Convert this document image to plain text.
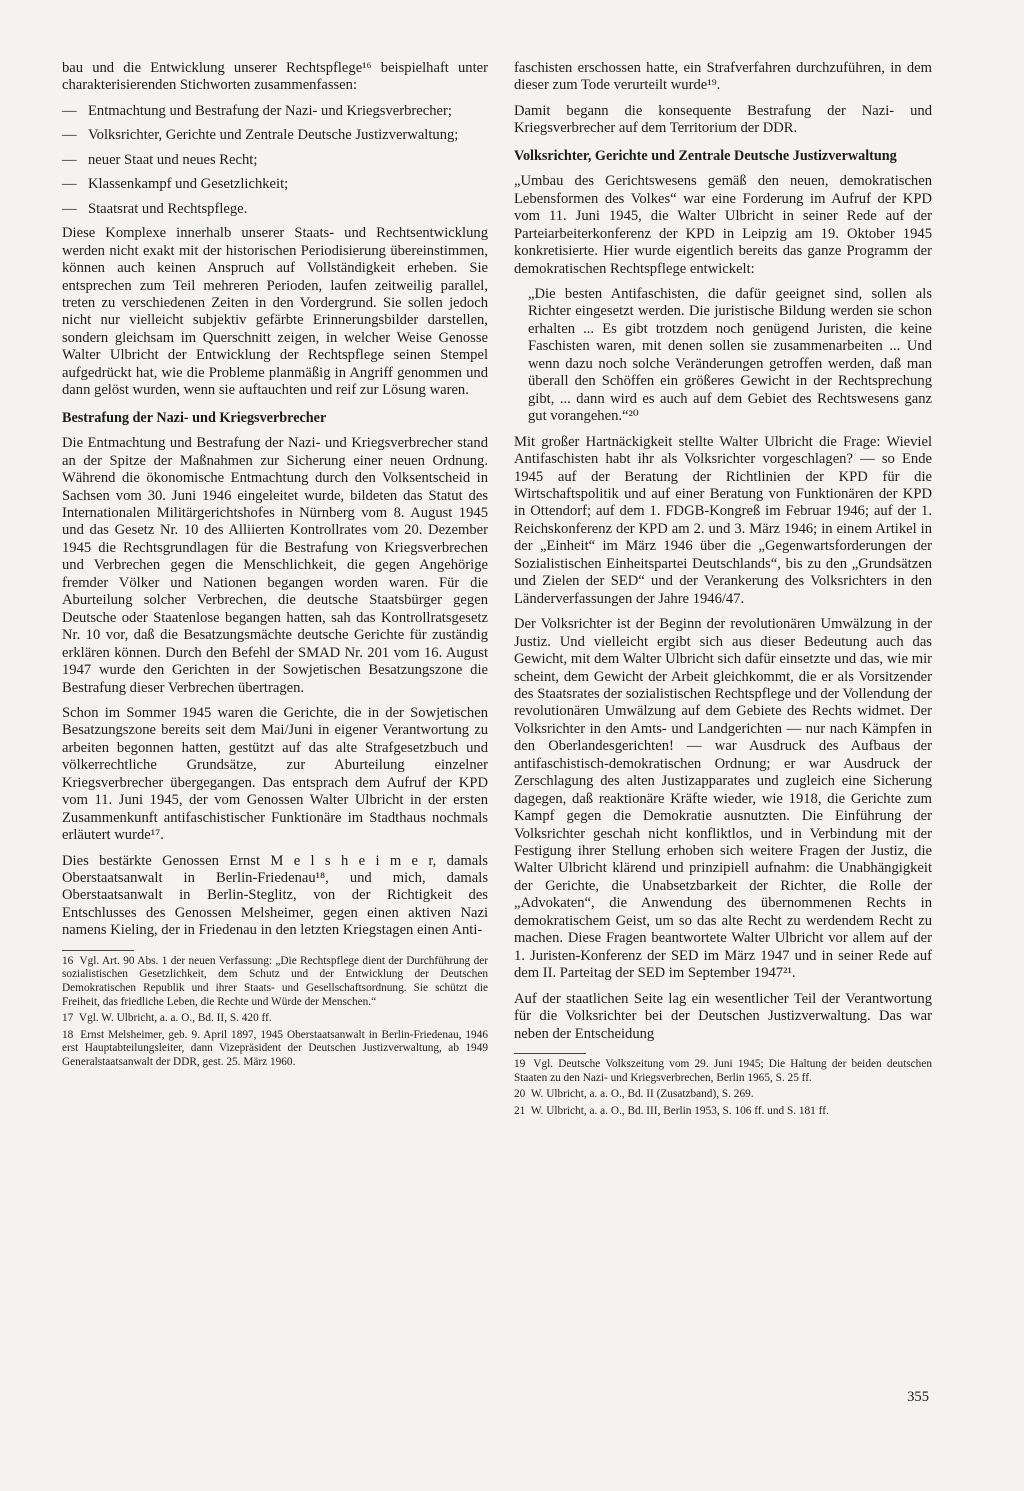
bau und die Entwicklung unserer Rechtspflege¹⁶ beispielhaft unter charakterisierenden Stichworten zusammenfassen:

— Entmachtung und Bestrafung der Nazi- und Kriegsverbrecher;
— Volksrichter, Gerichte und Zentrale Deutsche Justizverwaltung;
— neuer Staat und neues Recht;
— Klassenkampf und Gesetzlichkeit;
— Staatsrat und Rechtspflege.

Diese Komplexe innerhalb unserer Staats- und Rechtsentwicklung werden nicht exakt mit der historischen Periodisierung übereinstimmen, können auch keinen Anspruch auf Vollständigkeit erheben. Sie entsprechen zum Teil mehreren Perioden, laufen zeitweilig parallel, treten zu verschiedenen Zeiten in den Vordergrund. Sie sollen jedoch nicht nur vielleicht subjektiv gefärbte Erinnerungsbilder darstellen, sondern gleichsam im Querschnitt zeigen, in welcher Weise Genosse Walter Ulbricht der Entwicklung der Rechtspflege seinen Stempel aufgedrückt hat, wie die Probleme planmäßig in Angriff genommen und dann gelöst wurden, wenn sie auftauchten und reif zur Lösung waren.

Bestrafung der Nazi- und Kriegsverbrecher

Die Entmachtung und Bestrafung der Nazi- und Kriegsverbrecher stand an der Spitze der Maßnahmen zur Sicherung einer neuen Ordnung. Während die ökonomische Entmachtung durch den Volksentscheid in Sachsen vom 30. Juni 1946 eingeleitet wurde, bildeten das Statut des Internationalen Militärgerichtshofes in Nürnberg vom 8. August 1945 und das Gesetz Nr. 10 des Alliierten Kontrollrates vom 20. Dezember 1945 die Rechtsgrundlagen für die Bestrafung von Kriegsverbrechen und Verbrechen gegen die Menschlichkeit, die gegen Angehörige fremder Völker und Nationen begangen worden waren. Für die Aburteilung solcher Verbrechen, die deutsche Staatsbürger gegen Deutsche oder Staatenlose begangen hatten, sah das Kontrollratsgesetz Nr. 10 vor, daß die Besatzungsmächte deutsche Gerichte für zuständig erklären können. Durch den Befehl der SMAD Nr. 201 vom 16. August 1947 wurde den Gerichten in der Sowjetischen Besatzungszone die Bestrafung dieser Verbrechen übertragen.

Schon im Sommer 1945 waren die Gerichte, die in der Sowjetischen Besatzungszone bereits seit dem Mai/Juni in eigener Verantwortung zu arbeiten begonnen hatten, gestützt auf das alte Strafgesetzbuch und völkerrechtliche Grundsätze, zur Aburteilung einzelner Kriegsverbrecher übergegangen. Das entsprach dem Aufruf der KPD vom 11. Juni 1945, der vom Genossen Walter Ulbricht in der ersten Zusammenkunft antifaschistischer Funktionäre im Stadthaus nochmals erläutert wurde¹⁷.

Dies bestärkte Genossen Ernst M e l s h e i m e r, damals Oberstaatsanwalt in Berlin-Friedenau¹⁸, und mich, damals Oberstaatsanwalt in Berlin-Steglitz, von der Richtigkeit des Entschlusses des Genossen Melsheimer, gegen einen aktiven Nazi namens Kieling, der in Friedenau in den letzten Kriegstagen einen Anti-

16 Vgl. Art. 90 Abs. 1 der neuen Verfassung: „Die Rechtspflege dient der Durchführung der sozialistischen Gesetzlichkeit, dem Schutz und der Entwicklung der Deutschen Demokratischen Republik und ihrer Staats- und Gesellschaftsordnung. Sie schützt die Freiheit, das friedliche Leben, die Rechte und Würde der Menschen.“
17 Vgl. W. Ulbricht, a. a. O., Bd. II, S. 420 ff.
18 Ernst Melsheimer, geb. 9. April 1897, 1945 Oberstaatsanwalt in Berlin-Friedenau, 1946 erst Hauptabteilungsleiter, dann Vizepräsident der Deutschen Justizverwaltung, ab 1949 Generalstaatsanwalt der DDR, gest. 25. März 1960.

faschisten erschossen hatte, ein Strafverfahren durchzuführen, in dem dieser zum Tode verurteilt wurde¹⁹.

Damit begann die konsequente Bestrafung der Nazi- und Kriegsverbrecher auf dem Territorium der DDR.

Volksrichter, Gerichte und Zentrale Deutsche Justizverwaltung

„Umbau des Gerichtswesens gemäß den neuen, demokratischen Lebensformen des Volkes“ war eine Forderung im Aufruf der KPD vom 11. Juni 1945, die Walter Ulbricht in seiner Rede auf der Parteiarbeiterkonferenz der KPD in Leipzig am 19. Oktober 1945 konkretisierte. Hier wurde eigentlich bereits das ganze Programm der demokratischen Rechtspflege entwickelt:

„Die besten Antifaschisten, die dafür geeignet sind, sollen als Richter eingesetzt werden. Die juristische Bildung werden sie schon erhalten ... Es gibt trotzdem noch genügend Juristen, die keine Faschisten waren, mit denen sollen sie zusammenarbeiten ... Und wenn dazu noch solche Veränderungen getroffen werden, daß man überall den Schöffen ein größeres Gewicht in der Rechtsprechung gibt, ... dann wird es auch auf dem Gebiet des Rechtswesens ganz gut vorangehen.“²⁰

Mit großer Hartnäckigkeit stellte Walter Ulbricht die Frage: Wieviel Antifaschisten habt ihr als Volksrichter vorgeschlagen? — so Ende 1945 auf der Beratung der Richtlinien der KPD für die Wirtschaftspolitik und auf einer Beratung von Funktionären der KPD in Ottendorf; auf dem 1. FDGB-Kongreß im Februar 1946; auf der 1. Reichskonferenz der KPD am 2. und 3. März 1946; in einem Artikel in der „Einheit“ im März 1946 über die „Gegenwartsforderungen der Sozialistischen Einheitspartei Deutschlands“, bis zu den „Grundsätzen und Zielen der SED“ und der Verankerung des Volksrichters in den Länderverfassungen der Jahre 1946/47.

Der Volksrichter ist der Beginn der revolutionären Umwälzung in der Justiz. Und vielleicht ergibt sich aus dieser Bedeutung auch das Gewicht, mit dem Walter Ulbricht sich dafür einsetzte und das, wie mir scheint, dem Gewicht der Arbeit gleichkommt, die er als Vorsitzender des Staatsrates der sozialistischen Rechtspflege und der Vollendung der revolutionären Umwälzung auf dem Gebiete des Rechts widmet. Der Volksrichter in den Amts- und Landgerichten — nur nach Kämpfen in den Oberlandesgerichten! — war Ausdruck des Aufbaus der antifaschistisch-demokratischen Ordnung; er war Ausdruck der Zerschlagung des alten Justizapparates und zugleich eine Sicherung dagegen, daß reaktionäre Kräfte wieder, wie 1918, die Gerichte zum Kampf gegen die Demokratie ausnutzten. Die Einführung der Volksrichter geschah nicht konfliktlos, und in Verbindung mit der Festigung ihrer Stellung erhoben sich weitere Fragen der Justiz, die Walter Ulbricht klärend und prinzipiell aufnahm: die Unabhängigkeit der Gerichte, die Unabsetzbarkeit der Richter, die Rolle der „Advokaten“, die Anwendung des übernommenen Rechts in demokratischem Geist, um so das alte Recht zu werdendem Recht zu machen. Diese Fragen beantwortete Walter Ulbricht vor allem auf der 1. Juristen-Konferenz der SED im März 1947 und in seiner Rede auf dem II. Parteitag der SED im September 1947²¹.

Auf der staatlichen Seite lag ein wesentlicher Teil der Verantwortung für die Volksrichter bei der Deutschen Justizverwaltung. Das war neben der Entscheidung

19 Vgl. Deutsche Volkszeitung vom 29. Juni 1945; Die Haltung der beiden deutschen Staaten zu den Nazi- und Kriegsverbrechen, Berlin 1965, S. 25 ff.
20 W. Ulbricht, a. a. O., Bd. II (Zusatzband), S. 269.
21 W. Ulbricht, a. a. O., Bd. III, Berlin 1953, S. 106 ff. und S. 181 ff.
355
